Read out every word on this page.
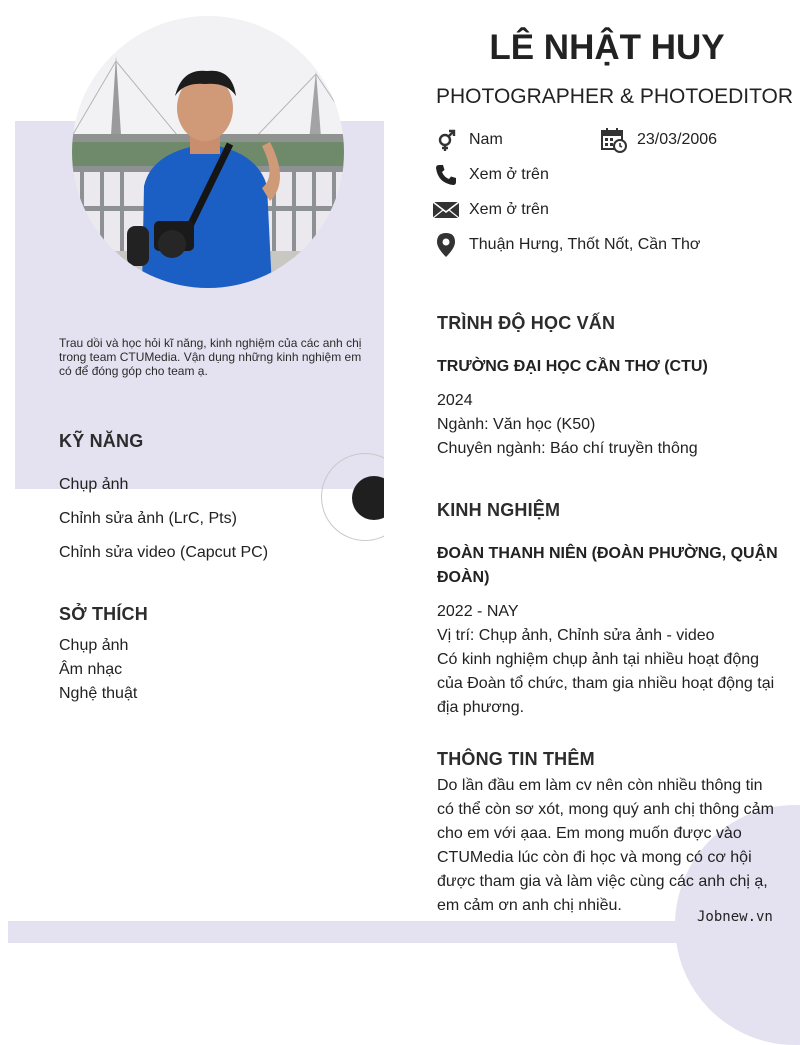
Trau dồi và học hỏi kĩ năng, kinh nghiệm của các anh chị trong team CTUMedia. Vận dụng những kinh nghiệm em có để đóng góp cho team ạ.
KỸ NĂNG
Chụp ảnh
Chỉnh sửa ảnh (LrC, Pts)
Chỉnh sửa video (Capcut PC)
SỞ THÍCH
Chụp ảnh
Âm nhạc
Nghệ thuật
LÊ NHẬT HUY
PHOTOGRAPHER & PHOTOEDITOR
Nam	23/03/2006
Xem ở trên
Xem ở trên
Thuận Hưng, Thốt Nốt, Cần Thơ
TRÌNH ĐỘ HỌC VẤN
TRƯỜNG ĐẠI HỌC CẦN THƠ (CTU)
2024
Ngành: Văn học (K50)
Chuyên ngành: Báo chí truyền thông
KINH NGHIỆM
ĐOÀN THANH NIÊN (ĐOÀN PHƯỜNG, QUẬN ĐOÀN)
2022 - NAY
Vị trí: Chụp ảnh, Chỉnh sửa ảnh - video
Có kinh nghiệm chụp ảnh tại nhiều hoạt động của Đoàn tổ chức, tham gia nhiều hoạt động tại địa phương.
THÔNG TIN THÊM
Do lần đầu em làm cv nên còn nhiều thông tin có thể còn sơ xót, mong quý anh chị thông cảm cho em với ạaa. Em mong muốn được vào CTUMedia lúc còn đi học và mong có cơ hội được tham gia và làm việc cùng các anh chị ạ, em cảm ơn anh chị nhiều.
Jobnew.vn
